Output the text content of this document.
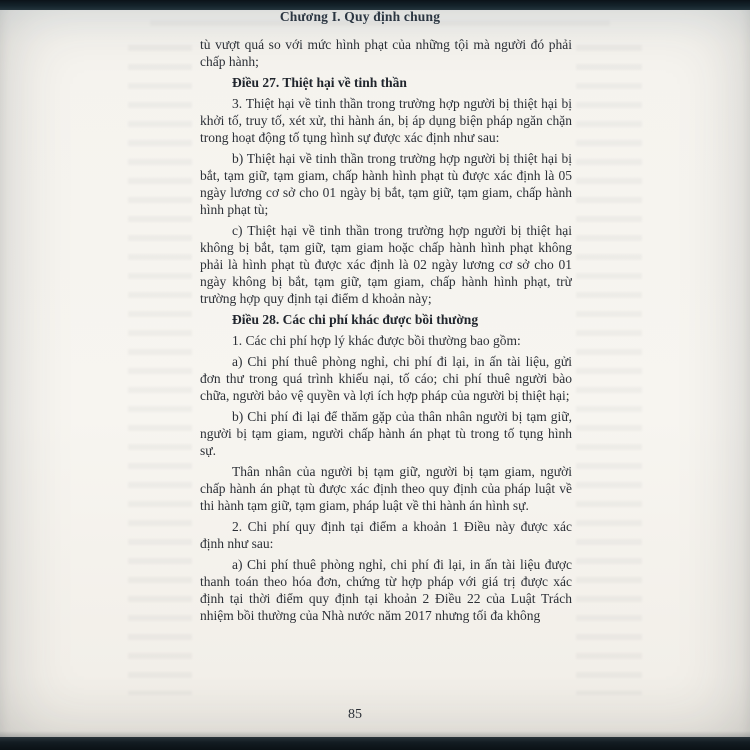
Chương I. Quy định chung

tù vượt quá so với mức hình phạt của những tội mà người đó phải chấp hành;

Điều 27. Thiệt hại về tinh thần

3. Thiệt hại về tinh thần trong trường hợp người bị thiệt hại bị khởi tố, truy tố, xét xử, thi hành án, bị áp dụng biện pháp ngăn chặn trong hoạt động tố tụng hình sự được xác định như sau:

b) Thiệt hại về tinh thần trong trường hợp người bị thiệt hại bị bắt, tạm giữ, tạm giam, chấp hành hình phạt tù được xác định là 05 ngày lương cơ sở cho 01 ngày bị bắt, tạm giữ, tạm giam, chấp hành hình phạt tù;

c) Thiệt hại về tinh thần trong trường hợp người bị thiệt hại không bị bắt, tạm giữ, tạm giam hoặc chấp hành hình phạt không phải là hình phạt tù được xác định là 02 ngày lương cơ sở cho 01 ngày không bị bắt, tạm giữ, tạm giam, chấp hành hình phạt, trừ trường hợp quy định tại điểm d khoản này;

Điều 28. Các chi phí khác được bồi thường

1. Các chi phí hợp lý khác được bồi thường bao gồm:

a) Chi phí thuê phòng nghỉ, chi phí đi lại, in ấn tài liệu, gửi đơn thư trong quá trình khiếu nại, tố cáo; chi phí thuê người bào chữa, người bảo vệ quyền và lợi ích hợp pháp của người bị thiệt hại;

b) Chi phí đi lại để thăm gặp của thân nhân người bị tạm giữ, người bị tạm giam, người chấp hành án phạt tù trong tố tụng hình sự.

Thân nhân của người bị tạm giữ, người bị tạm giam, người chấp hành án phạt tù được xác định theo quy định của pháp luật về thi hành tạm giữ, tạm giam, pháp luật về thi hành án hình sự.

2. Chi phí quy định tại điểm a khoản 1 Điều này được xác định như sau:

a) Chi phí thuê phòng nghỉ, chi phí đi lại, in ấn tài liệu được thanh toán theo hóa đơn, chứng từ hợp pháp với giá trị được xác định tại thời điểm quy định tại khoản 2 Điều 22 của Luật Trách nhiệm bồi thường của Nhà nước năm 2017 nhưng tối đa không

85
